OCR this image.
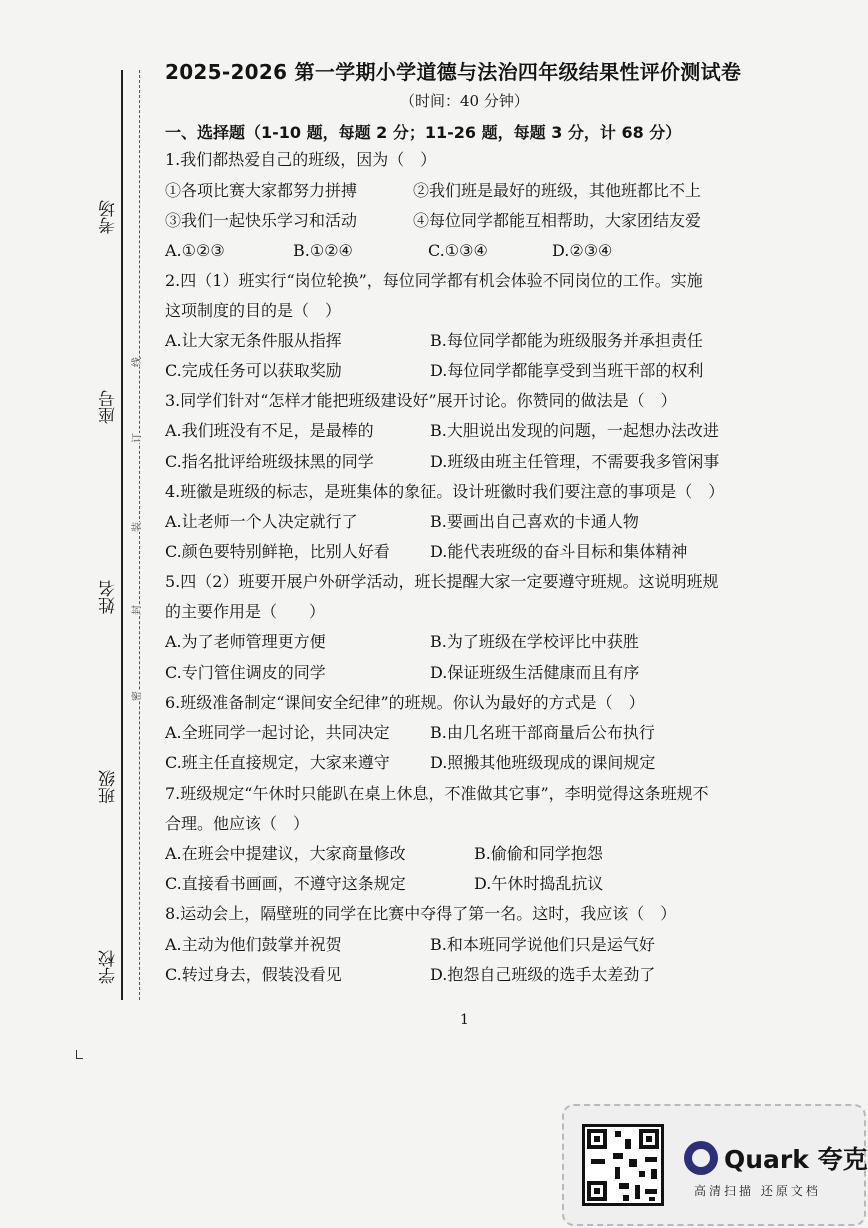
考场
座号
姓名
班级
学校
线
订
装
封
密
2025-2026 第一学期小学道德与法治四年级结果性评价测试卷
（时间：40 分钟）
一、选择题（1-10 题，每题 2 分；11-26 题，每题 3 分，计 68 分）
1.我们都热爱自己的班级，因为（　）
①各项比赛大家都努力拼搏	②我们班是最好的班级，其他班都比不上
③我们一起快乐学习和活动	④每位同学都能互相帮助，大家团结友爱
A.①②③	B.①②④	C.①③④	D.②③④
2.四（1）班实行“岗位轮换”，每位同学都有机会体验不同岗位的工作。实施
这项制度的目的是（　）
A.让大家无条件服从指挥	B.每位同学都能为班级服务并承担责任
C.完成任务可以获取奖励	D.每位同学都能享受到当班干部的权利
3.同学们针对“怎样才能把班级建设好”展开讨论。你赞同的做法是（　）
A.我们班没有不足，是最棒的	B.大胆说出发现的问题，一起想办法改进
C.指名批评给班级抹黑的同学	D.班级由班主任管理，不需要我多管闲事
4.班徽是班级的标志，是班集体的象征。设计班徽时我们要注意的事项是（　）
A.让老师一个人决定就行了	B.要画出自己喜欢的卡通人物
C.颜色要特别鲜艳，比别人好看	D.能代表班级的奋斗目标和集体精神
5.四（2）班要开展户外研学活动，班长提醒大家一定要遵守班规。这说明班规
的主要作用是（　　）
A.为了老师管理更方便	B.为了班级在学校评比中获胜
C.专门管住调皮的同学	D.保证班级生活健康而且有序
6.班级准备制定“课间安全纪律”的班规。你认为最好的方式是（　）
A.全班同学一起讨论，共同决定	B.由几名班干部商量后公布执行
C.班主任直接规定，大家来遵守	D.照搬其他班级现成的课间规定
7.班级规定“午休时只能趴在桌上休息，不准做其它事”，李明觉得这条班规不
合理。他应该（　）
A.在班会中提建议，大家商量修改	B.偷偷和同学抱怨
C.直接看书画画，不遵守这条规定	D.午休时捣乱抗议
8.运动会上，隔壁班的同学在比赛中夺得了第一名。这时，我应该（　）
A.主动为他们鼓掌并祝贺	B.和本班同学说他们只是运气好
C.转过身去，假装没看见	D.抱怨自己班级的选手太差劲了
1
Quark 夸克
高清扫描 还原文档
